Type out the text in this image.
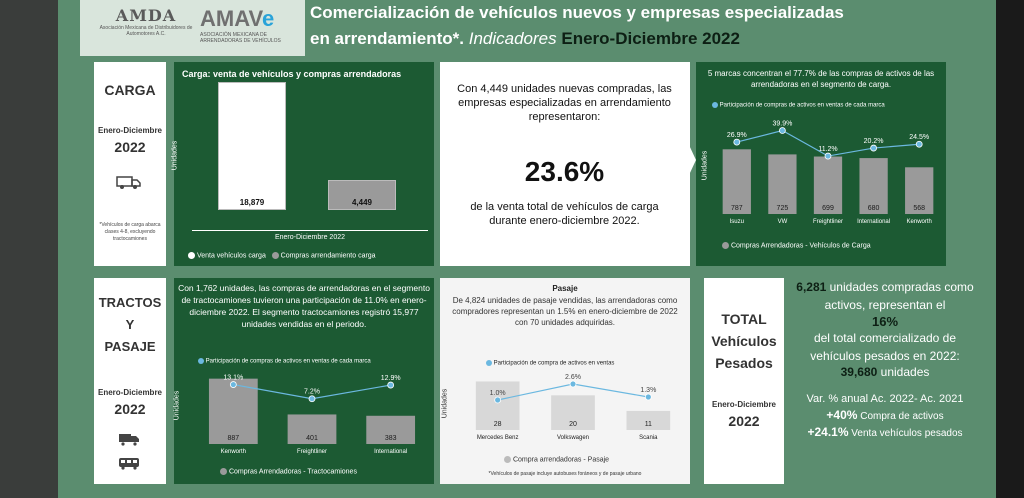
AMDA
Asociación Mexicana de Distribuidores de Automotores A.C.
AMAVe
ASOCIACIÓN MEXICANA DE ARRENDADORAS DE VEHÍCULOS
Comercialización de vehículos nuevos y empresas especializadas
en arrendamiento*. Indicadores Enero-Diciembre 2022
CARGA
Enero-Diciembre
2022
*Vehículos de carga abarca clases 4-8, excluyendo tractocamiones
Carga: venta de vehículos y compras arrendadoras
Unidades
Enero-Diciembre 2022
Venta vehículos carga Compras arrendamiento carga
18,879	4,449
Con 4,449 unidades nuevas compradas, las empresas especializadas en arrendamiento representaron:
23.6%
de la venta total de vehículos de carga durante enero-diciembre 2022.
5 marcas concentran el 77.7% de las compras de activos de las arrendadoras en el segmento de carga.
Participación de compras de activos en ventas de cada marca
Unidades
787
Isuzu
725
VW
699
Freightliner
680
International
568
Kenworth
26.9%
39.9%
11.2%
20.2%
24.5%
Compras Arrendadoras - Vehículos de Carga
TRACTOS
Y
PASAJE
Enero-Diciembre
2022
Con 1,762 unidades, las compras de arrendadoras en el segmento de tractocamiones tuvieron una participación de 11.0% en enero-diciembre 2022. El segmento tractocamiones registró 15,977 unidades vendidas en el periodo.
Participación de compras de activos en ventas de cada marca
Unidades
887
Kenworth
401
Freightliner
383
International
13.1%
7.2%
12.9%
Compras Arrendadoras - Tractocamiones
Pasaje
De 4,824 unidades de pasaje vendidas, las arrendadoras como compradores representan un 1.5% en enero-diciembre de 2022 con 70 unidades adquiridas.
Participación de compra de activos en ventas
Unidades
28
Mercedes Benz
20
Volkswagen
11
Scania
1.0%
2.6%
1.3%
Compra arrendadoras - Pasaje
*Vehículos de pasaje incluye autobuses foráneos y de pasaje urbano
TOTAL
Vehículos
Pesados
Enero-Diciembre
2022
6,281 unidades compradas como activos, representan el
16%
del total comercializado de vehículos pesados en 2022:
39,680 unidades
Var. % anual Ac. 2022- Ac. 2021
+40% Compra de activos
+24.1% Venta vehículos pesados
